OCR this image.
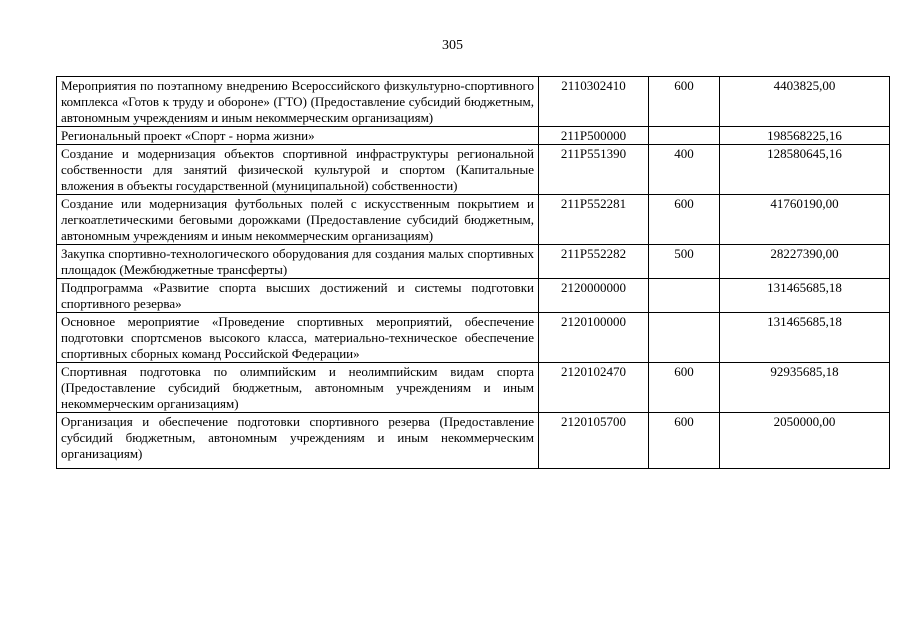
305
Мероприятия по поэтапному внедрению Всероссийского физкультурно-спортивного комплекса «Готов к труду и обороне» (ГТО) (Предоставление субсидий бюджетным, автономным учреждениям и иным некоммерческим организациям)	2110302410	600	4403825,00
Региональный проект «Спорт - норма жизни»	211P500000		198568225,16
Создание и модернизация объектов спортивной инфраструктуры региональной собственности для занятий физической культурой и спортом (Капитальные вложения в объекты государственной (муниципальной) собственности)	211P551390	400	128580645,16
Создание или модернизация футбольных полей с искусственным покрытием и легкоатлетическими беговыми дорожками (Предоставление субсидий бюджетным, автономным учреждениям и иным некоммерческим организациям)	211P552281	600	41760190,00
Закупка спортивно-технологического оборудования для создания малых спортивных площадок (Межбюджетные трансферты)	211P552282	500	28227390,00
Подпрограмма «Развитие спорта высших достижений и системы подготовки спортивного резерва»	2120000000		131465685,18
Основное мероприятие «Проведение спортивных мероприятий, обеспечение подготовки спортсменов высокого класса, материально-техническое обеспечение спортивных сборных команд Российской Федерации»	2120100000		131465685,18
Спортивная подготовка по олимпийским и неолимпийским видам спорта (Предоставление субсидий бюджетным, автономным учреждениям и иным некоммерческим организациям)	2120102470	600	92935685,18
Организация и обеспечение подготовки спортивного резерва (Предоставление субсидий бюджетным, автономным учреждениям и иным некоммерческим организациям)	2120105700	600	2050000,00
